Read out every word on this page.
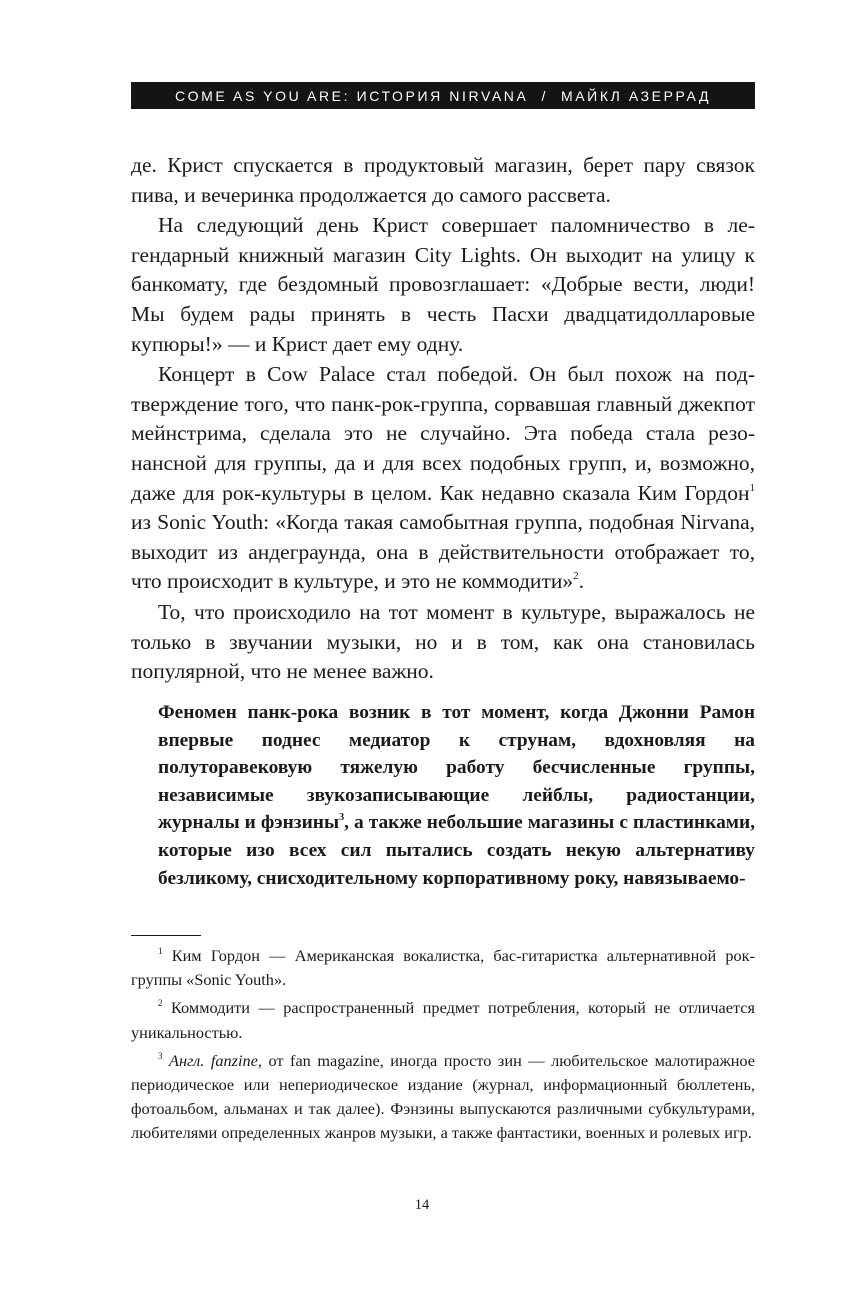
COME AS YOU ARE: ИСТОРИЯ NIRVANA / МАЙКЛ АЗЕРРАД

де. Крист спускается в продуктовый магазин, берет пару связок пива, и вечеринка продолжается до самого рассвета.

На следующий день Крист совершает паломничество в легендарный книжный магазин City Lights. Он выходит на улицу к банкомату, где бездомный провозглашает: «Добрые вести, люди! Мы будем рады принять в честь Пасхи двадцатидолларовые купюры!» — и Крист дает ему одну.

Концерт в Cow Palace стал победой. Он был похож на подтверждение того, что панк-рок-группа, сорвавшая главный джекпот мейнстрима, сделала это не случайно. Эта победа стала резонансной для группы, да и для всех подобных групп, и, возможно, даже для рок-культуры в целом. Как недавно сказала Ким Гордон$^1$ из Sonic Youth: «Когда такая самобытная группа, подобная Nirvana, выходит из андеграунда, она в действительности отображает то, что происходит в культуре, и это не коммодити»$^2$.

То, что происходило на тот момент в культуре, выражалось не только в звучании музыки, но и в том, как она становилась популярной, что не менее важно.

Феномен панк-рока возник в тот момент, когда Джонни Рамон впервые поднес медиатор к струнам, вдохновляя на полуторавековую тяжелую работу бесчисленные группы, независимые звукозаписывающие лейблы, радиостанции, журналы и фэнзины$^3$, а также небольшие магазины с пластинками, которые изо всех сил пытались создать некую альтернативу безликому, снисходительному корпоративному року, навязываемо-

$^1$ Ким Гордон — Американская вокалистка, бас-гитаристка альтернативной рок-группы «Sonic Youth».

$^2$ Коммодити — распространенный предмет потребления, который не отличается уникальностью.

$^3$ Англ. fanzine, от fan magazine, иногда просто зин — любительское малотиражное периодическое или непериодическое издание (журнал, информационный бюллетень, фотоальбом, альманах и так далее). Фэнзины выпускаются различными субкультурами, любителями определенных жанров музыки, а также фантастики, военных и ролевых игр.

14
